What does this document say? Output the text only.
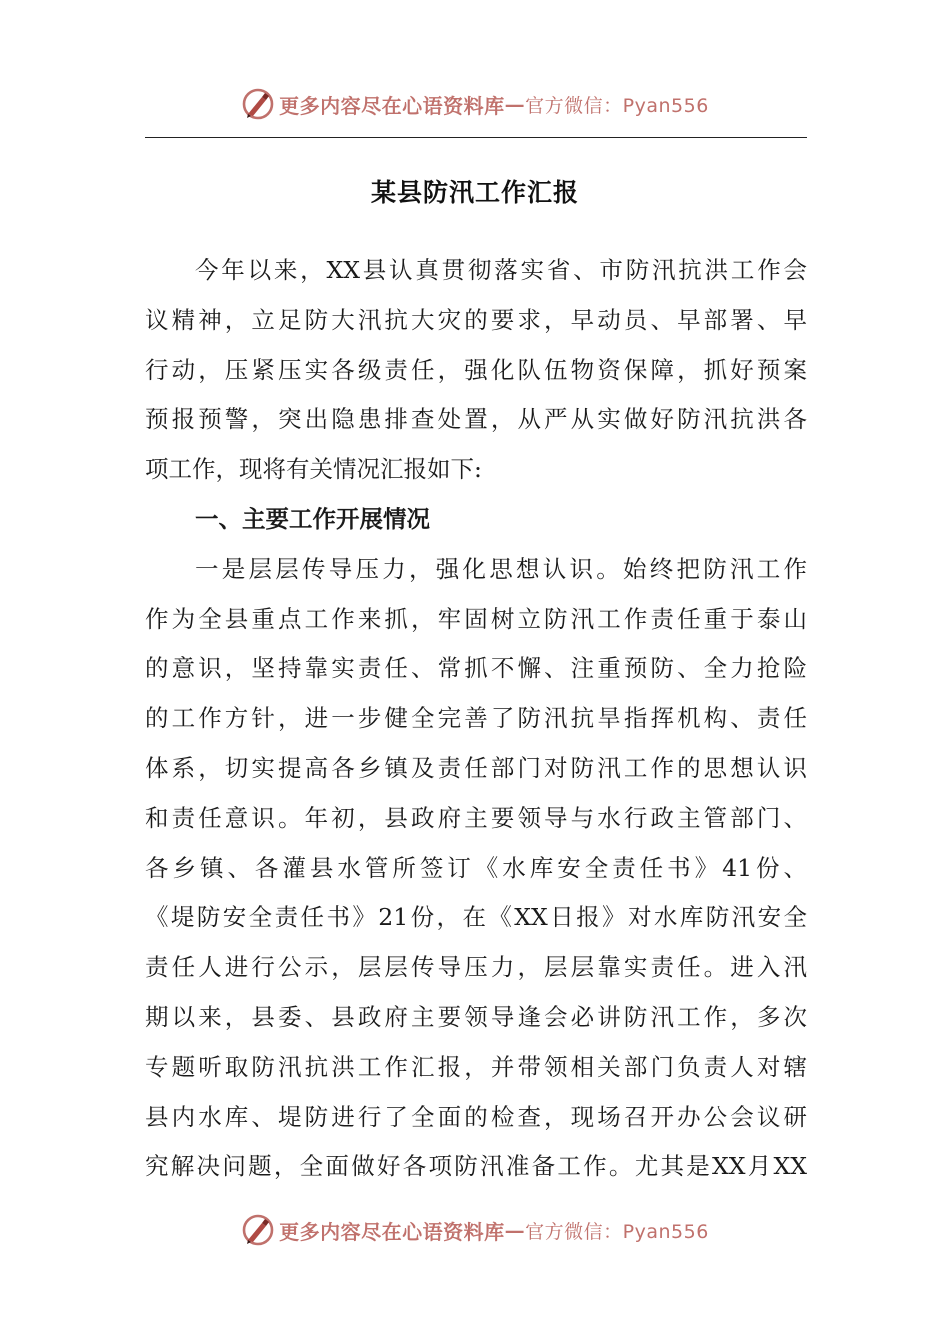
更多内容尽在心语资料库 — 官方微信：Pyan556
某县防汛工作汇报
今年以来，XX县认真贯彻落实省、市防汛抗洪工作会
议精神，立足防大汛抗大灾的要求，早动员、早部署、早
行动，压紧压实各级责任，强化队伍物资保障，抓好预案
预报预警，突出隐患排查处置，从严从实做好防汛抗洪各
项工作，现将有关情况汇报如下:
一、主要工作开展情况
一是层层传导压力，强化思想认识。始终把防汛工作
作为全县重点工作来抓，牢固树立防汛工作责任重于泰山
的意识，坚持靠实责任、常抓不懈、注重预防、全力抢险
的工作方针，进一步健全完善了防汛抗旱指挥机构、责任
体系，切实提高各乡镇及责任部门对防汛工作的思想认识
和责任意识。年初，县政府主要领导与水行政主管部门、
各乡镇、各灌县水管所签订《水库安全责任书》41份、
《堤防安全责任书》21份，在《XX日报》对水库防汛安全
责任人进行公示，层层传导压力，层层靠实责任。进入汛
期以来，县委、县政府主要领导逢会必讲防汛工作，多次
专题听取防汛抗洪工作汇报，并带领相关部门负责人对辖
县内水库、堤防进行了全面的检查，现场召开办公会议研
究解决问题，全面做好各项防汛准备工作。尤其是XX月XX
更多内容尽在心语资料库 — 官方微信：Pyan556
